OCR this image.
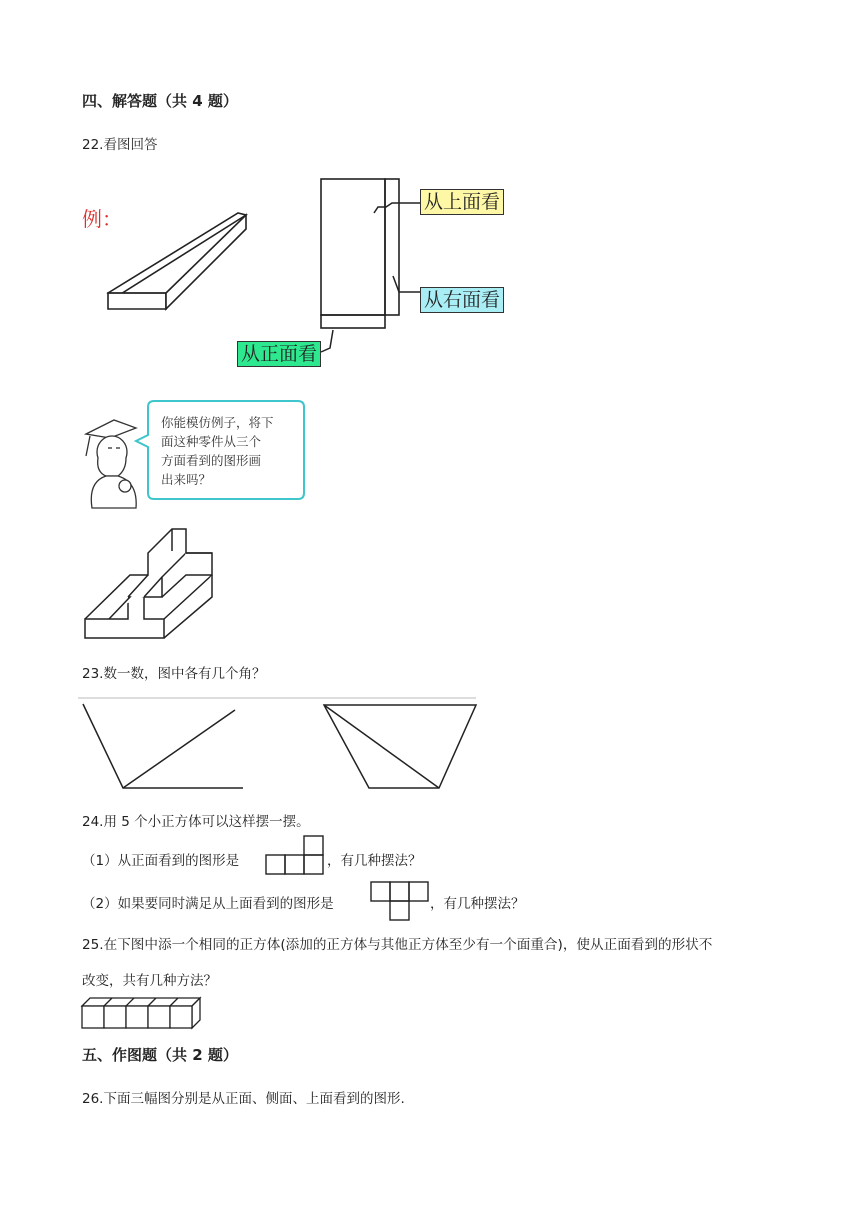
四、解答题（共 4 题）
22.看图回答
例：
从上面看
从右面看
从正面看
你能模仿例子，将下
面这种零件从三个
方面看到的图形画
出来吗？
23.数一数，图中各有几个角？
24.用 5 个小正方体可以这样摆一摆。
（1）从正面看到的图形是	，有几种摆法？
（2）如果要同时满足从上面看到的图形是	，有几种摆法？
25.在下图中添一个相同的正方体(添加的正方体与其他正方体至少有一个面重合)，使从正面看到的形状不
改变，共有几种方法？
五、作图题（共 2 题）
26.下面三幅图分别是从正面、侧面、上面看到的图形.
